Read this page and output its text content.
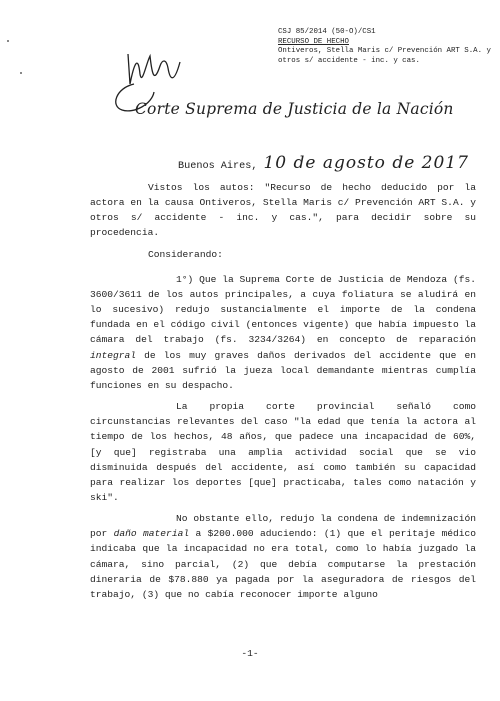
CSJ 85/2014 (50-O)/CS1
RECURSO DE HECHO
Ontiveros, Stella Maris c/ Prevención ART S.A. y
otros s/ accidente - inc. y cas.
Corte Suprema de Justicia de la Nación
Buenos Aires, 10 de agosto de 2017

Vistos los autos: "Recurso de hecho deducido por la actora en la causa Ontiveros, Stella Maris c/ Prevención ART S.A. y otros s/ accidente - inc. y cas.", para decidir sobre su procedencia.

Considerando:

1°) Que la Suprema Corte de Justicia de Mendoza (fs. 3600/3611 de los autos principales, a cuya foliatura se aludirá en lo sucesivo) redujo sustancialmente el importe de la condena fundada en el código civil (entonces vigente) que había impuesto la cámara del trabajo (fs. 3234/3264) en concepto de reparación integral de los muy graves daños derivados del accidente que en agosto de 2001 sufrió la jueza local demandante mientras cumplía funciones en su despacho.

La propia corte provincial señaló como circunstancias relevantes del caso "la edad que tenía la actora al tiempo de los hechos, 48 años, que padece una incapacidad de 60%, [y que] registraba una amplia actividad social que se vio disminuida después del accidente, así como también su capacidad para realizar los deportes [que] practicaba, tales como natación y ski".

No obstante ello, redujo la condena de indemnización por daño material a $200.000 aduciendo: (1) que el peritaje médico indicaba que la incapacidad no era total, como lo había juzgado la cámara, sino parcial, (2) que debía computarse la prestación dineraria de $78.880 ya pagada por la aseguradora de riesgos del trabajo, (3) que no cabía reconocer importe alguno

-1-
